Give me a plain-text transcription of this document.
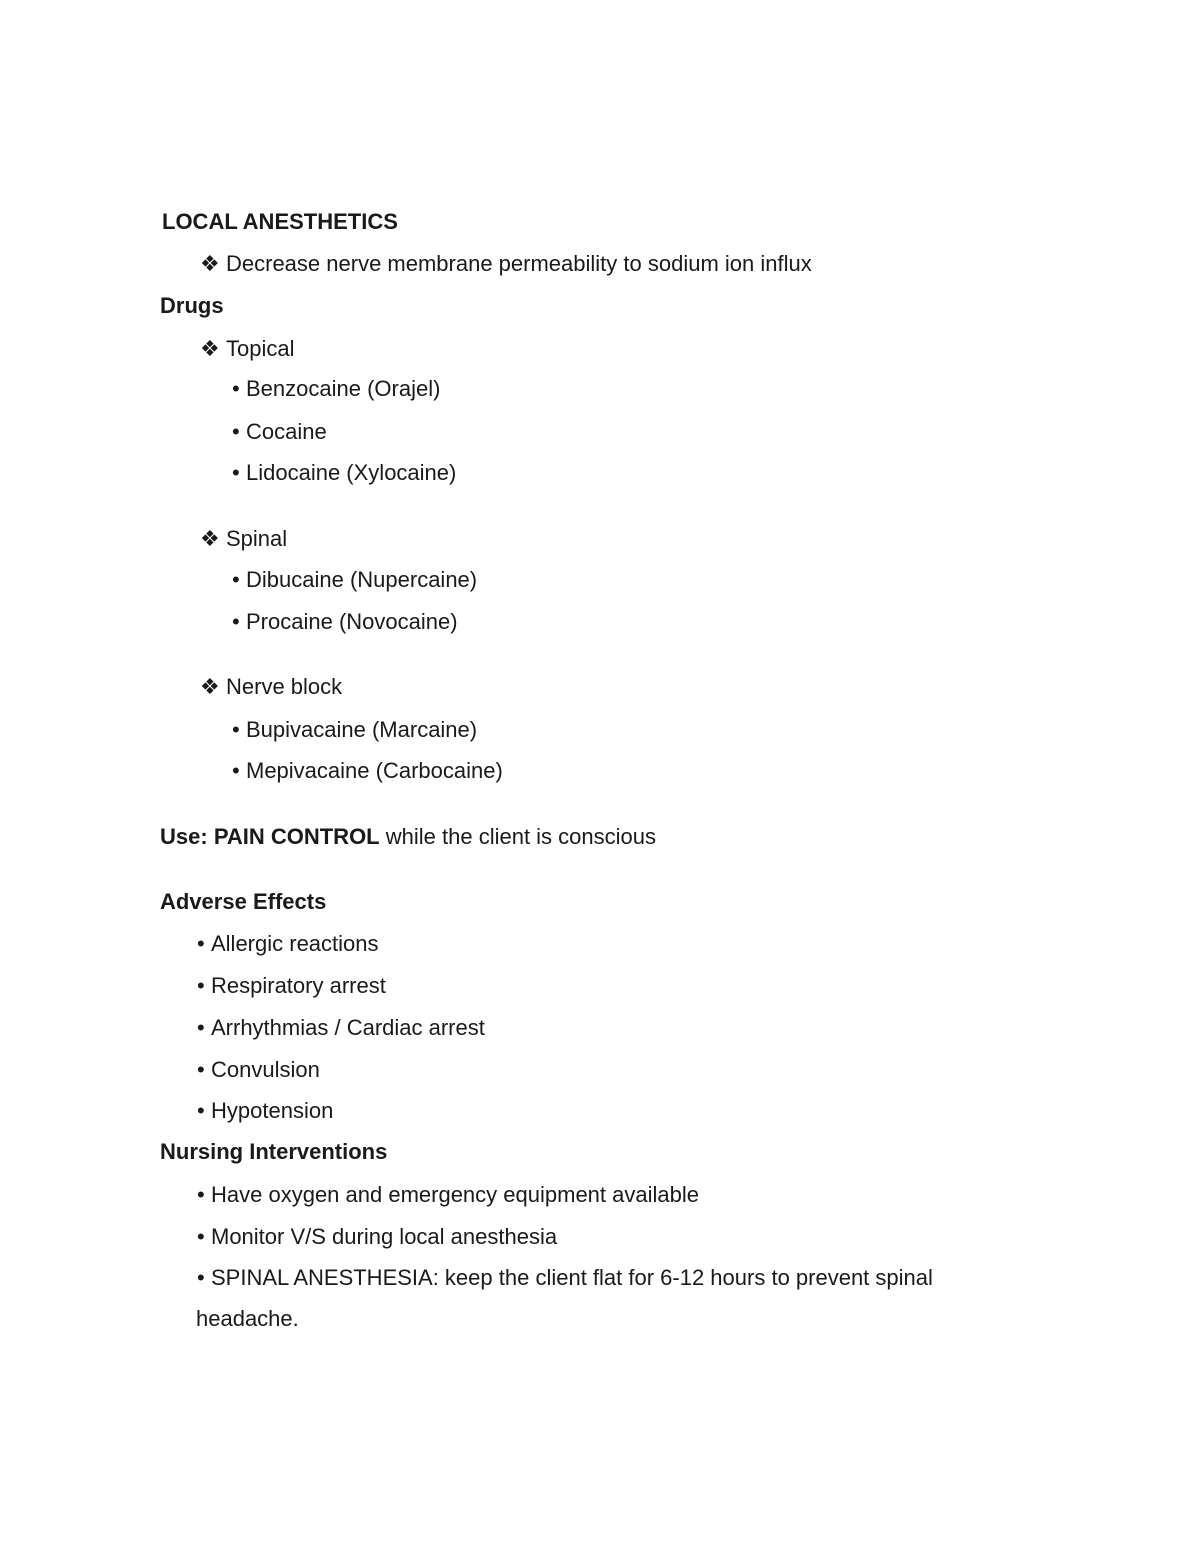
LOCAL ANESTHETICS
❖ Decrease nerve membrane permeability to sodium ion influx
Drugs
❖ Topical
• Benzocaine (Orajel)
• Cocaine
• Lidocaine (Xylocaine)
❖ Spinal
• Dibucaine (Nupercaine)
• Procaine (Novocaine)
❖ Nerve block
• Bupivacaine (Marcaine)
• Mepivacaine (Carbocaine)
Use: PAIN CONTROL while the client is conscious
Adverse Effects
• Allergic reactions
• Respiratory arrest
• Arrhythmias / Cardiac arrest
• Convulsion
• Hypotension
Nursing Interventions
• Have oxygen and emergency equipment available
• Monitor V/S during local anesthesia
• SPINAL ANESTHESIA: keep the client flat for 6-12 hours to prevent spinal
headache.
